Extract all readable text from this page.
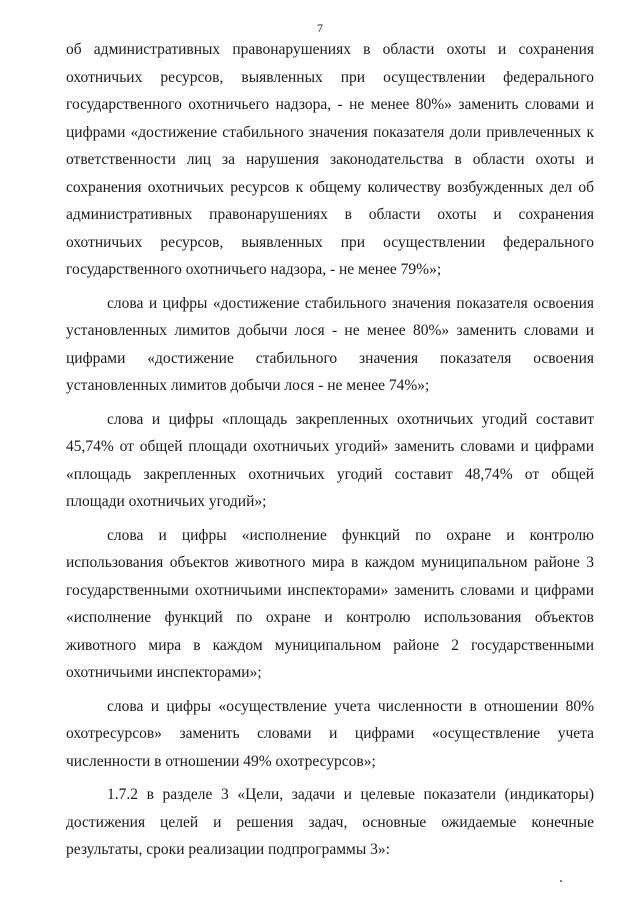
7

об административных правонарушениях в области охоты и сохранения охотничьих ресурсов, выявленных при осуществлении федерального государственного охотничьего надзора, - не менее 80%» заменить словами и цифрами «достижение стабильного значения показателя доли привлеченных к ответственности лиц за нарушения законодательства в области охоты и сохранения охотничьих ресурсов к общему количеству возбужденных дел об административных правонарушениях в области охоты и сохранения охотничьих ресурсов, выявленных при осуществлении федерального государственного охотничьего надзора, - не менее 79%»;

слова и цифры «достижение стабильного значения показателя освоения установленных лимитов добычи лося - не менее 80%» заменить словами и цифрами «достижение стабильного значения показателя освоения установленных лимитов добычи лося - не менее 74%»;

слова и цифры «площадь закрепленных охотничьих угодий составит 45,74% от общей площади охотничьих угодий» заменить словами и цифрами «площадь закрепленных охотничьих угодий составит 48,74% от общей площади охотничьих угодий»;

слова и цифры «исполнение функций по охране и контролю использования объектов животного мира в каждом муниципальном районе 3 государственными охотничьими инспекторами» заменить словами и цифрами «исполнение функций по охране и контролю использования объектов животного мира в каждом муниципальном районе 2 государственными охотничьими инспекторами»;

слова и цифры «осуществление учета численности в отношении 80% охотресурсов» заменить словами и цифрами «осуществление учета численности в отношении 49% охотресурсов»;

1.7.2 в разделе 3 «Цели, задачи и целевые показатели (индикаторы) достижения целей и решения задач, основные ожидаемые конечные результаты, сроки реализации подпрограммы 3»:
